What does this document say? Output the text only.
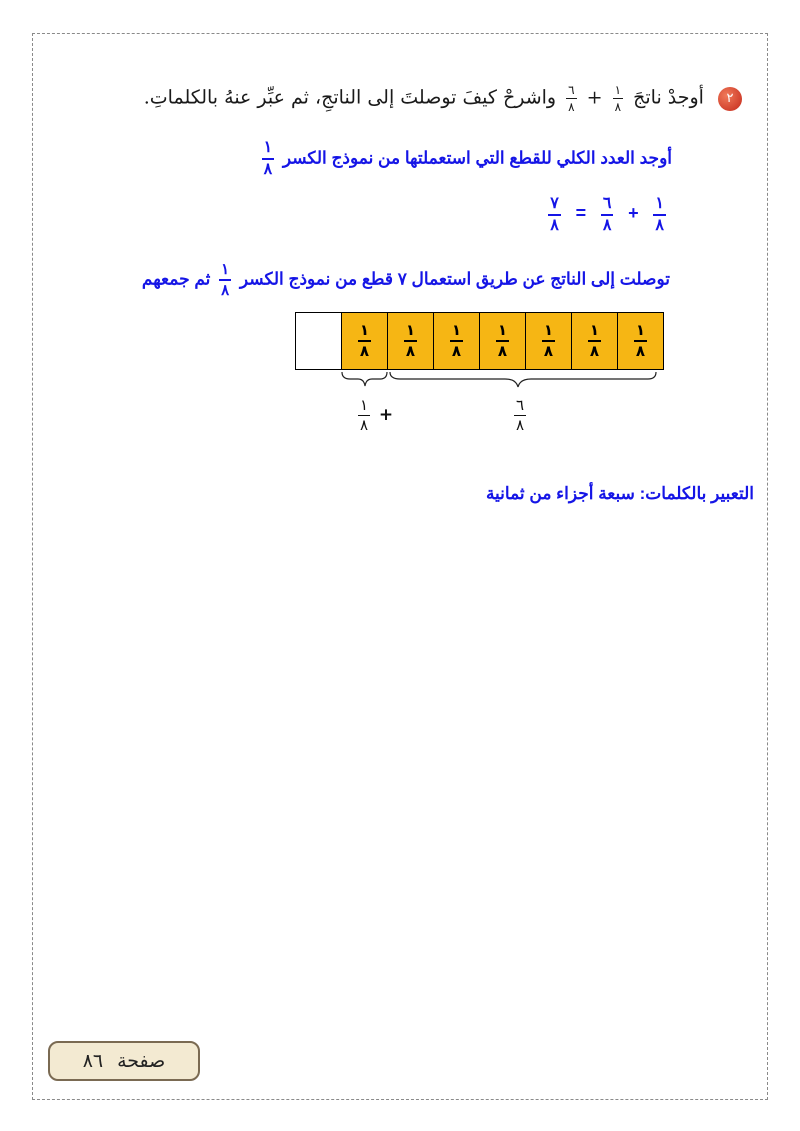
٢ أوجدْ ناتجَ
$\frac{١}{٨}$
+
$\frac{٦}{٨}$
واشرحْ كيفَ توصلتَ إلى الناتجِ، ثم عبِّر عنهُ بالكلماتِ.
أوجد العدد الكلي للقطع التي استعملتها من نموذج الكسر
$\frac{١}{٨}$
$\frac{١}{٨}$
+
$\frac{٦}{٨}$
=
$\frac{٧}{٨}$
توصلت إلى الناتج عن طريق استعمال ٧ قطع من نموذج الكسر
$\frac{١}{٨}$
ثم جمعهم
$\frac{١}{٨} \frac{١}{٨} \frac{١}{٨} \frac{١}{٨} \frac{١}{٨} \frac{١}{٨} \frac{١}{٨}$
$\frac{١}{٨}$ +	$\frac{٦}{٨}$
التعبير بالكلمات: سبعة أجزاء من ثمانية
صفحة
٨٦
